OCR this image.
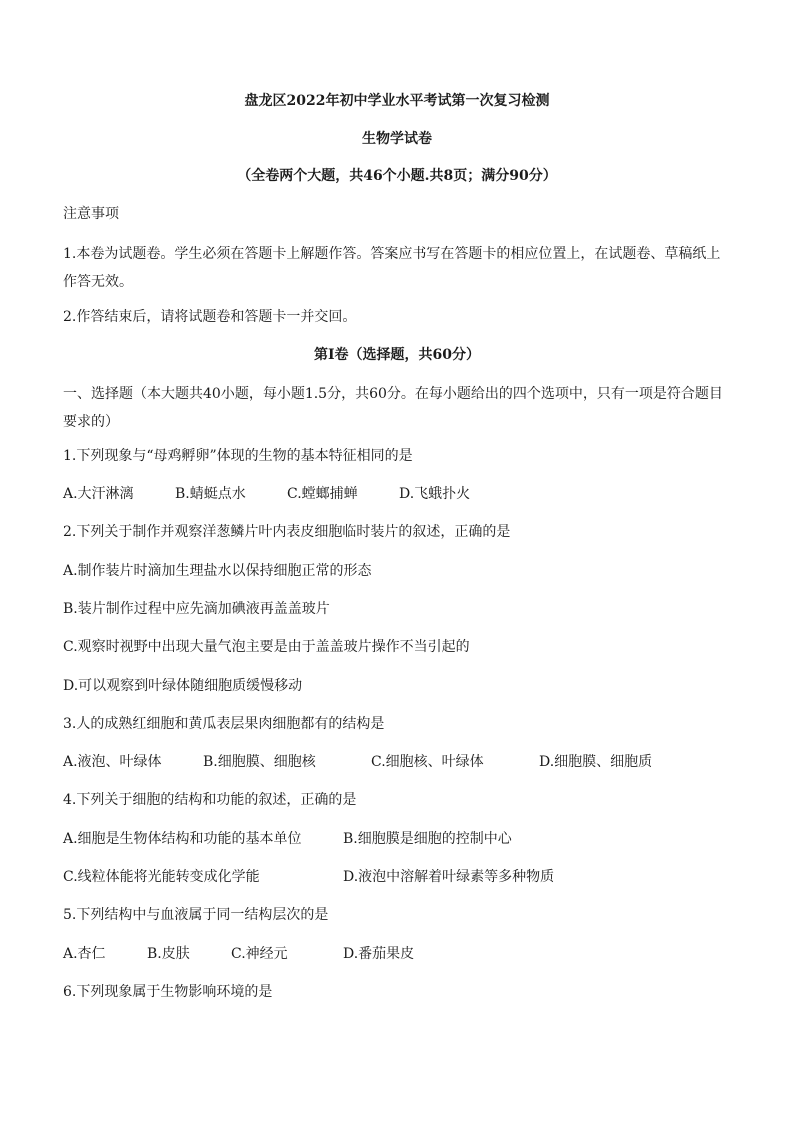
盘龙区2022年初中学业水平考试第一次复习检测
生物学试卷
（全卷两个大题，共46个小题.共8页；满分90分）
注意事项
1.本卷为试题卷。学生必须在答题卡上解题作答。答案应书写在答题卡的相应位置上，在试题卷、草稿纸上作答无效。
2.作答结束后，请将试题卷和答题卡一并交回。
第I卷（选择题，共60分）
一、选择题（本大题共40小题，每小题1.5分，共60分。在每小题给出的四个选项中，只有一项是符合题目要求的）
1.下列现象与“母鸡孵卵”体现的生物的基本特征相同的是
A.大汗淋漓	B.蜻蜓点水	C.螳螂捕蝉	D.飞蛾扑火
2.下列关于制作并观察洋葱鳞片叶内表皮细胞临时装片的叙述，正确的是
A.制作装片时滴加生理盐水以保持细胞正常的形态
B.装片制作过程中应先滴加碘液再盖盖玻片
C.观察时视野中出现大量气泡主要是由于盖盖玻片操作不当引起的
D.可以观察到叶绿体随细胞质缓慢移动
3.人的成熟红细胞和黄瓜表层果肉细胞都有的结构是
A.液泡、叶绿体	B.细胞膜、细胞核	C.细胞核、叶绿体	D.细胞膜、细胞质
4.下列关于细胞的结构和功能的叙述，正确的是
A.细胞是生物体结构和功能的基本单位	B.细胞膜是细胞的控制中心
C.线粒体能将光能转变成化学能	D.液泡中溶解着叶绿素等多种物质
5.下列结构中与血液属于同一结构层次的是
A.杏仁	B.皮肤	C.神经元	D.番茄果皮
6.下列现象属于生物影响环境的是
